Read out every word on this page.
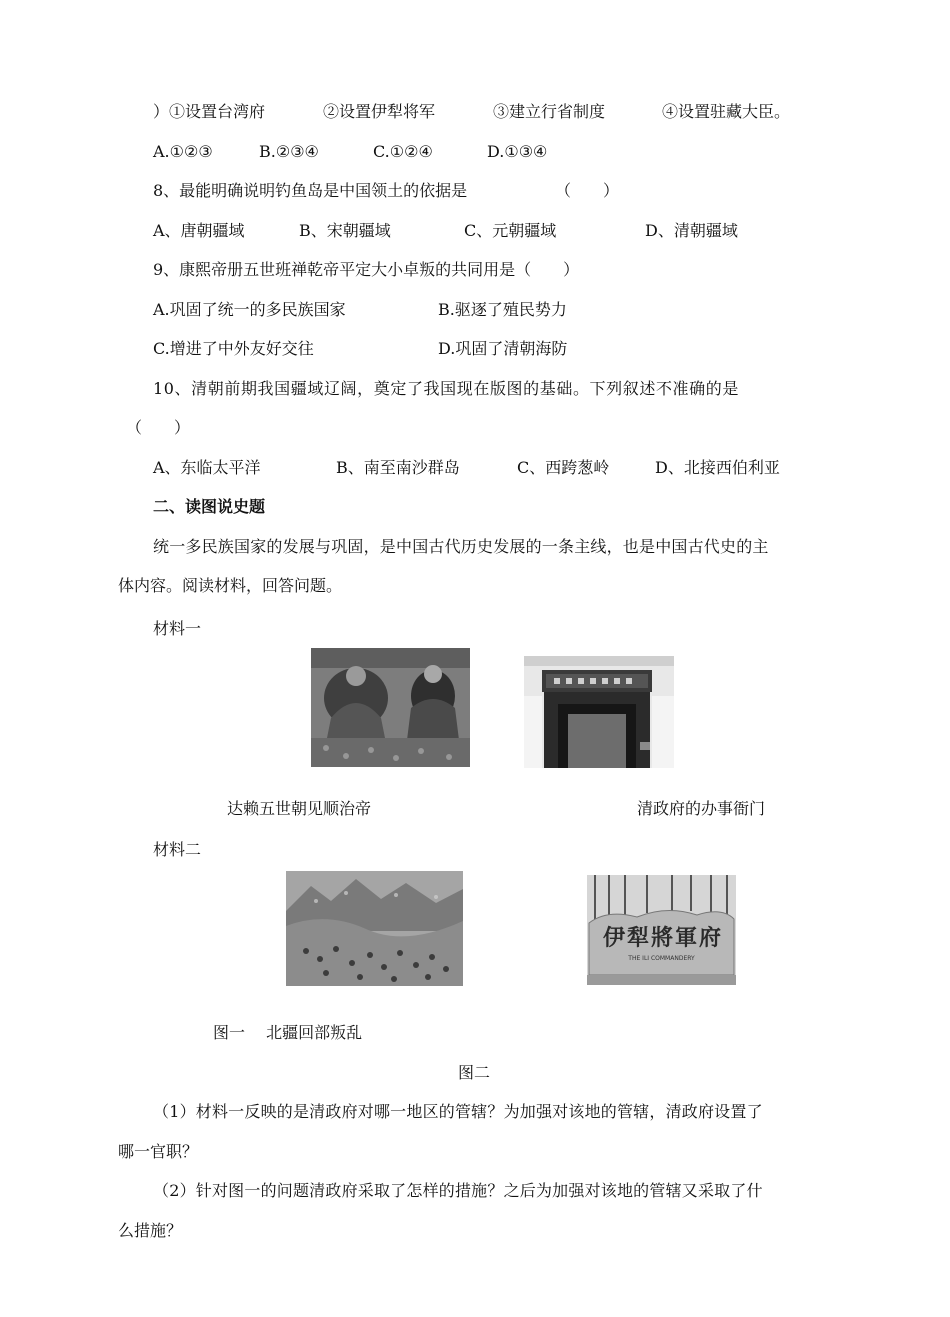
）①设置台湾府	②设置伊犁将军	③建立行省制度	④设置驻藏大臣。
A.①②③	B.②③④	C.①②④	D.①③④
8、最能明确说明钓鱼岛是中国领土的依据是	（　　）
A、唐朝疆域	B、宋朝疆域	C、元朝疆域	D、清朝疆域
9、康熙帝册五世班禅乾帝平定大小卓叛的共同用是（　　）
A.巩固了统一的多民族国家	B.驱逐了殖民势力
C.增进了中外友好交往	D.巩固了清朝海防
10、清朝前期我国疆域辽阔，奠定了我国现在版图的基础。下列叙述不准确的是
（　　）
A、东临太平洋	B、南至南沙群岛	C、西跨葱岭	D、北接西伯利亚
二、读图说史题
统一多民族国家的发展与巩固，是中国古代历史发展的一条主线，也是中国古代史的主
体内容。阅读材料，回答问题。
材料一
达赖五世朝见顺治帝	清政府的办事衙门
材料二
伊犁將軍府
THE ILI COMMANDERY
图一　 北疆回部叛乱
图二
（1）材料一反映的是清政府对哪一地区的管辖？为加强对该地的管辖，清政府设置了
哪一官职？
（2）针对图一的问题清政府采取了怎样的措施？之后为加强对该地的管辖又采取了什
么措施？
